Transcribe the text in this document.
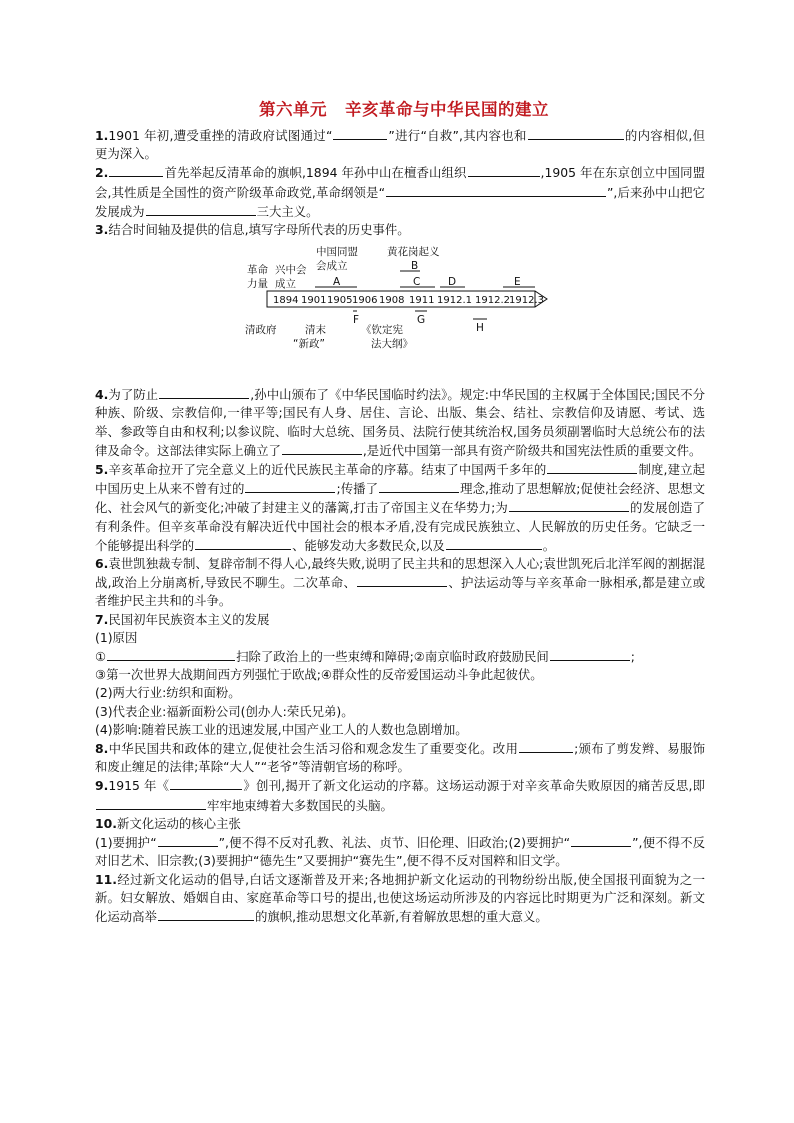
第六单元 辛亥革命与中华民国的建立

1.1901 年初,遭受重挫的清政府试图通过“	”进行“自救”,其内容也和	的内容相似,但更为深入。

2.	首先举起反清革命的旗帜,1894 年孙中山在檀香山组织	,1905 年在东京创立中国同盟会,其性质是全国性的资产阶级革命政党,革命纲领是“	”,后来孙中山把它发展成为	三大主义。

3.结合时间轴及提供的信息,填写字母所代表的历史事件。

革命
力量
清政府
兴中会
成立
中国同盟
会成立
黄花岗起义
A
B
C	D	E
1894 1901 1905 1906 1908 1911 1912.1 1912.2 1912.3
F	G
H
清末
“新政”
《钦定宪
法大纲》

4.为了防止	,孙中山颁布了《中华民国临时约法》。规定:中华民国的主权属于全体国民;国民不分种族、阶级、宗教信仰,一律平等;国民有人身、居住、言论、出版、集会、结社、宗教信仰及请愿、考试、选举、参政等自由和权利;以参议院、临时大总统、国务员、法院行使其统治权,国务员须副署临时大总统公布的法律及命令。这部法律实际上确立了	,是近代中国第一部具有资产阶级共和国宪法性质的重要文件。

5.辛亥革命拉开了完全意义上的近代民族民主革命的序幕。结束了中国两千多年的	制度,建立起中国历史上从来不曾有过的	;传播了	理念,推动了思想解放;促使社会经济、思想文化、社会风气的新变化;冲破了封建主义的藩篱,打击了帝国主义在华势力;为	的发展创造了有利条件。但辛亥革命没有解决近代中国社会的根本矛盾,没有完成民族独立、人民解放的历史任务。它缺乏一个能够提出科学的	、能够发动大多数民众,以及	。

6.袁世凯独裁专制、复辟帝制不得人心,最终失败,说明了民主共和的思想深入人心;袁世凯死后北洋军阀的割据混战,政治上分崩离析,导致民不聊生。二次革命、	、护法运动等与辛亥革命一脉相承,都是建立或者维护民主共和的斗争。

7.民国初年民族资本主义的发展

(1)原因

①	扫除了政治上的一些束缚和障碍;②南京临时政府鼓励民间	;
③第一次世界大战期间西方列强忙于欧战;④群众性的反帝爱国运动斗争此起彼伏。

(2)两大行业:纺织和面粉。

(3)代表企业:福新面粉公司(创办人:荣氏兄弟)。

(4)影响:随着民族工业的迅速发展,中国产业工人的人数也急剧增加。

8.中华民国共和政体的建立,促使社会生活习俗和观念发生了重要变化。改用	;颁布了剪发辫、易服饰和废止缠足的法律;革除“大人”“老爷”等清朝官场的称呼。

9.1915 年《	》创刊,揭开了新文化运动的序幕。这场运动源于对辛亥革命失败原因的痛苦反思,即牢牢地束缚着大多数国民的头脑。

10.新文化运动的核心主张

(1)要拥护“	”,便不得不反对孔教、礼法、贞节、旧伦理、旧政治;(2)要拥护“	”,便不得不反对旧艺术、旧宗教;(3)要拥护“德先生”又要拥护“赛先生”,便不得不反对国粹和旧文学。

11.经过新文化运动的倡导,白话文逐渐普及开来;各地拥护新文化运动的刊物纷纷出版,使全国报刊面貌为之一新。妇女解放、婚姻自由、家庭革命等口号的提出,也使这场运动所涉及的内容远比时期更为广泛和深刻。新文化运动高举	的旗帜,推动思想文化革新,有着解放思想的重大意义。
